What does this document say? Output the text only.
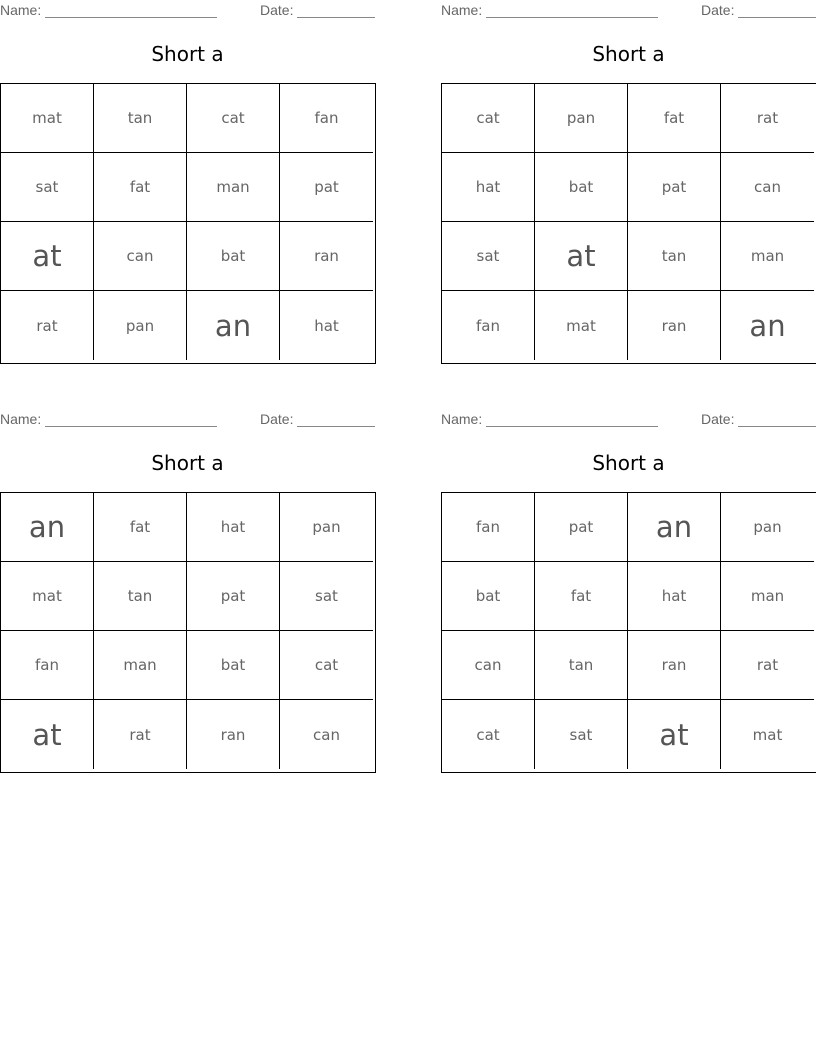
Name:	Date:
Short a
mat	tan	cat	fan
sat	fat	man	pat
at	can	bat	ran
rat	pan	an	hat
Name:	Date:
Short a
cat	pan	fat	rat
hat	bat	pat	can
sat	at	tan	man
fan	mat	ran	an
Name:	Date:
Short a
an	fat	hat	pan
mat	tan	pat	sat
fan	man	bat	cat
at	rat	ran	can
Name:	Date:
Short a
fan	pat	an	pan
bat	fat	hat	man
can	tan	ran	rat
cat	sat	at	mat
